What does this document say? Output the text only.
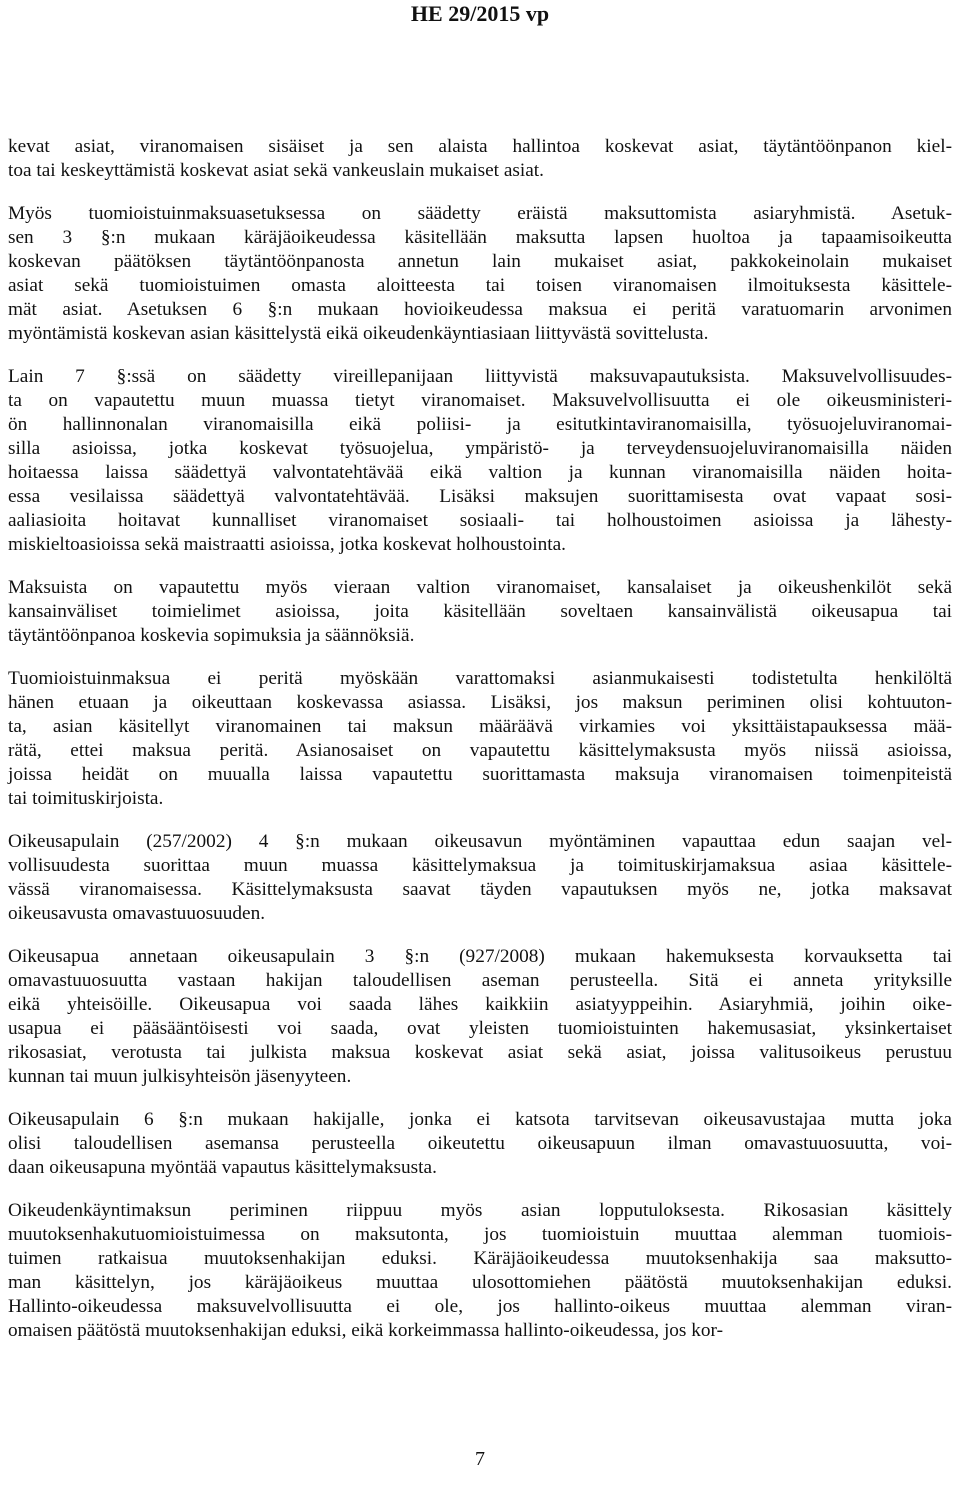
HE 29/2015 vp

kevat asiat, viranomaisen sisäiset ja sen alaista hallintoa koskevat asiat, täytäntöönpanon kiel-
toa tai keskeyttämistä koskevat asiat sekä vankeuslain mukaiset asiat.

Myös tuomioistuinmaksuasetuksessa on säädetty eräistä maksuttomista asiaryhmistä. Asetuk-
sen 3 §:n mukaan käräjäoikeudessa käsitellään maksutta lapsen huoltoa ja tapaamisoikeutta
koskevan päätöksen täytäntöönpanosta annetun lain mukaiset asiat, pakkokeinolain mukaiset
asiat sekä tuomioistuimen omasta aloitteesta tai toisen viranomaisen ilmoituksesta käsittele-
mät asiat. Asetuksen 6 §:n mukaan hovioikeudessa maksua ei peritä varatuomarin arvonimen
myöntämistä koskevan asian käsittelystä eikä oikeudenkäyntiasiaan liittyvästä sovittelusta.

Lain 7 §:ssä on säädetty vireillepanijaan liittyvistä maksuvapautuksista. Maksuvelvollisuudes-
ta on vapautettu muun muassa tietyt viranomaiset. Maksuvelvollisuutta ei ole oikeusministeri-
ön hallinnonalan viranomaisilla eikä poliisi- ja esitutkintaviranomaisilla, työsuojeluviranomai-
silla asioissa, jotka koskevat työsuojelua, ympäristö- ja terveydensuojeluviranomaisilla näiden
hoitaessa laissa säädettyä valvontatehtävää eikä valtion ja kunnan viranomaisilla näiden hoita-
essa vesilaissa säädettyä valvontatehtävää. Lisäksi maksujen suorittamisesta ovat vapaat sosi-
aaliasioita hoitavat kunnalliset viranomaiset sosiaali- tai holhoustoimen asioissa ja lähesty-
miskieltoasioissa sekä maistraatti asioissa, jotka koskevat holhoustointa.

Maksuista on vapautettu myös vieraan valtion viranomaiset, kansalaiset ja oikeushenkilöt sekä
kansainväliset toimielimet asioissa, joita käsitellään soveltaen kansainvälistä oikeusapua tai
täytäntöönpanoa koskevia sopimuksia ja säännöksiä.

Tuomioistuinmaksua ei peritä myöskään varattomaksi asianmukaisesti todistetulta henkilöltä
hänen etuaan ja oikeuttaan koskevassa asiassa. Lisäksi, jos maksun periminen olisi kohtuuton-
ta, asian käsitellyt viranomainen tai maksun määräävä virkamies voi yksittäistapauksessa mää-
rätä, ettei maksua peritä. Asianosaiset on vapautettu käsittelymaksusta myös niissä asioissa,
joissa heidät on muualla laissa vapautettu suorittamasta maksuja viranomaisen toimenpiteistä
tai toimituskirjoista.

Oikeusapulain (257/2002) 4 §:n mukaan oikeusavun myöntäminen vapauttaa edun saajan vel-
vollisuudesta suorittaa muun muassa käsittelymaksua ja toimituskirjamaksua asiaa käsittele-
vässä viranomaisessa. Käsittelymaksusta saavat täyden vapautuksen myös ne, jotka maksavat
oikeusavusta omavastuuosuuden.

Oikeusapua annetaan oikeusapulain 3 §:n (927/2008) mukaan hakemuksesta korvauksetta tai
omavastuuosuutta vastaan hakijan taloudellisen aseman perusteella. Sitä ei anneta yrityksille
eikä yhteisöille. Oikeusapua voi saada lähes kaikkiin asiatyyppeihin. Asiaryhmiä, joihin oike-
usapua ei pääsääntöisesti voi saada, ovat yleisten tuomioistuinten hakemusasiat, yksinkertaiset
rikosasiat, verotusta tai julkista maksua koskevat asiat sekä asiat, joissa valitusoikeus perustuu
kunnan tai muun julkisyhteisön jäsenyyteen.

Oikeusapulain 6 §:n mukaan hakijalle, jonka ei katsota tarvitsevan oikeusavustajaa mutta joka
olisi taloudellisen asemansa perusteella oikeutettu oikeusapuun ilman omavastuuosuutta, voi-
daan oikeusapuna myöntää vapautus käsittelymaksusta.

Oikeudenkäyntimaksun periminen riippuu myös asian lopputuloksesta. Rikosasian käsittely
muutoksenhakutuomioistuimessa on maksutonta, jos tuomioistuin muuttaa alemman tuomiois-
tuimen ratkaisua muutoksenhakijan eduksi. Käräjäoikeudessa muutoksenhakija saa maksutto-
man käsittelyn, jos käräjäoikeus muuttaa ulosottomiehen päätöstä muutoksenhakijan eduksi.
Hallinto-oikeudessa maksuvelvollisuutta ei ole, jos hallinto-oikeus muuttaa alemman viran-
omaisen päätöstä muutoksenhakijan eduksi, eikä korkeimmassa hallinto-oikeudessa, jos kor-

7
